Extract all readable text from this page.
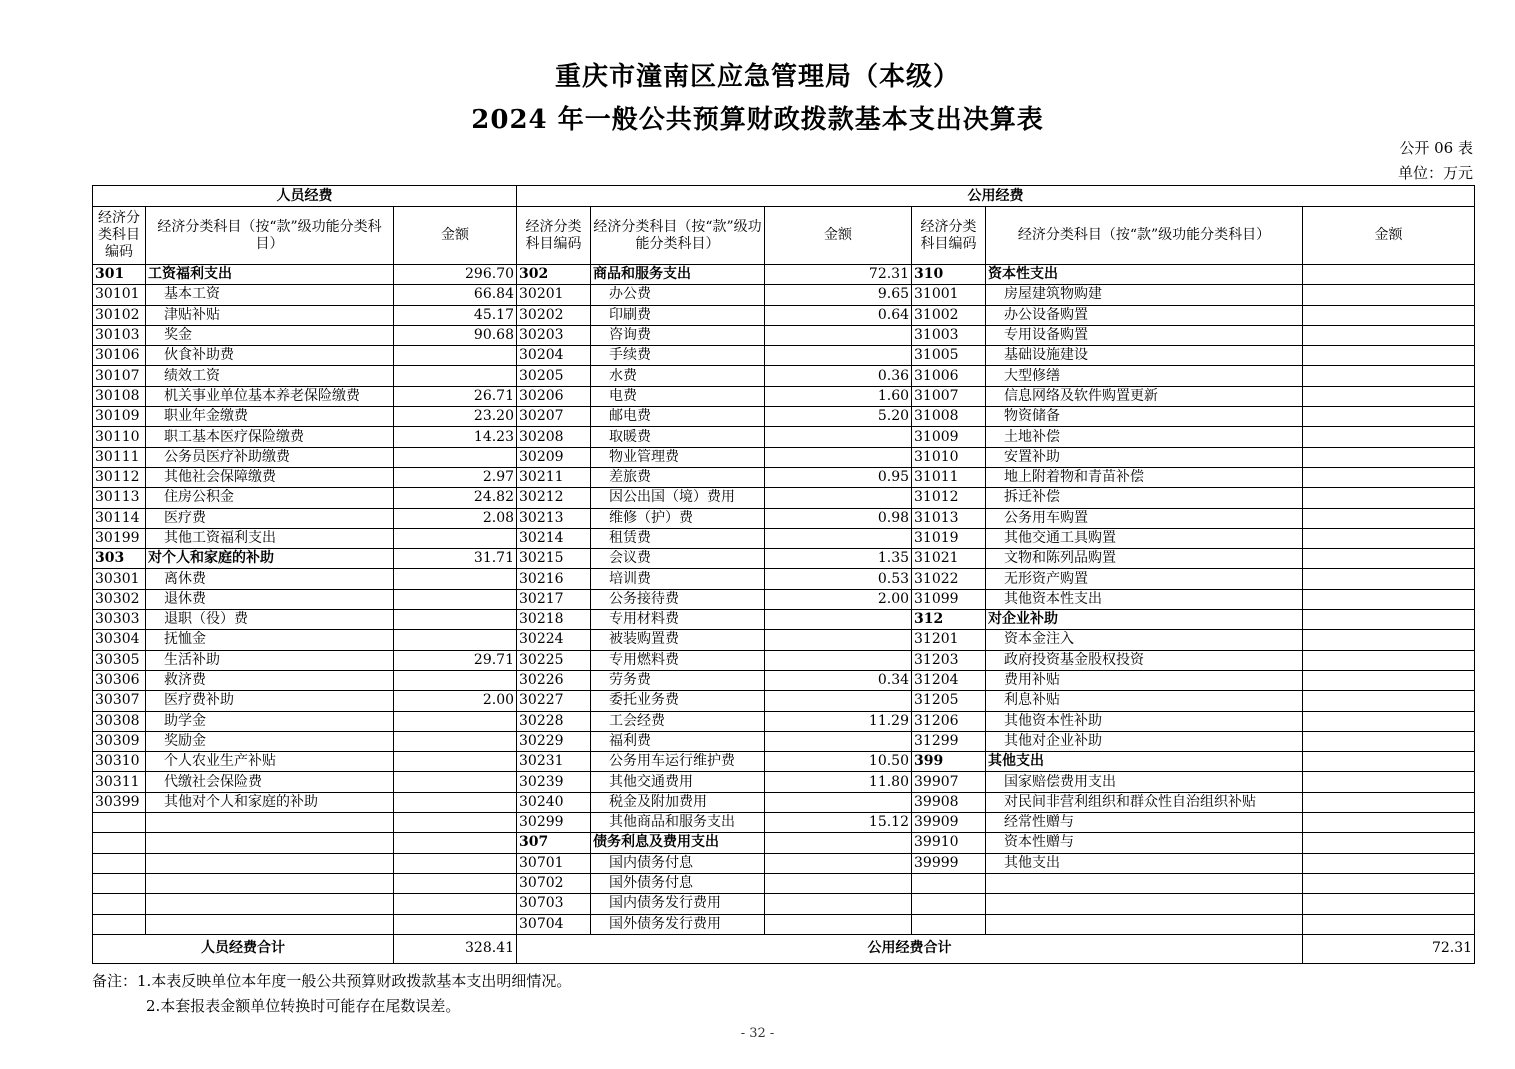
重庆市潼南区应急管理局（本级）
2024 年一般公共预算财政拨款基本支出决算表
公开 06 表
单位：万元
人员经费			公用经费					
经济分类科目编码	经济分类科目（按“款”级功能分类科目）	金额	经济分类科目编码	经济分类科目（按“款”级功能分类科目）	金额	经济分类科目编码	经济分类科目（按“款”级功能分类科目）	金额
301	工资福利支出	296.70	302	商品和服务支出	72.31	310	资本性支出	
30101	基本工资	66.84	30201	办公费	9.65	31001	房屋建筑物购建	
30102	津贴补贴	45.17	30202	印刷费	0.64	31002	办公设备购置	
30103	奖金	90.68	30203	咨询费		31003	专用设备购置	
30106	伙食补助费		30204	手续费		31005	基础设施建设	
30107	绩效工资		30205	水费	0.36	31006	大型修缮	
30108	机关事业单位基本养老保险缴费	26.71	30206	电费	1.60	31007	信息网络及软件购置更新	
30109	职业年金缴费	23.20	30207	邮电费	5.20	31008	物资储备	
30110	职工基本医疗保险缴费	14.23	30208	取暖费		31009	土地补偿	
30111	公务员医疗补助缴费		30209	物业管理费		31010	安置补助	
30112	其他社会保障缴费	2.97	30211	差旅费	0.95	31011	地上附着物和青苗补偿	
30113	住房公积金	24.82	30212	因公出国（境）费用		31012	拆迁补偿	
30114	医疗费	2.08	30213	维修（护）费	0.98	31013	公务用车购置	
30199	其他工资福利支出		30214	租赁费		31019	其他交通工具购置	
303	对个人和家庭的补助	31.71	30215	会议费	1.35	31021	文物和陈列品购置	
30301	离休费		30216	培训费	0.53	31022	无形资产购置	
30302	退休费		30217	公务接待费	2.00	31099	其他资本性支出	
30303	退职（役）费		30218	专用材料费		312	对企业补助	
30304	抚恤金		30224	被装购置费		31201	资本金注入	
30305	生活补助	29.71	30225	专用燃料费		31203	政府投资基金股权投资	
30306	救济费		30226	劳务费	0.34	31204	费用补贴	
30307	医疗费补助	2.00	30227	委托业务费		31205	利息补贴	
30308	助学金		30228	工会经费	11.29	31206	其他资本性补助	
30309	奖励金		30229	福利费		31299	其他对企业补助	
30310	个人农业生产补贴		30231	公务用车运行维护费	10.50	399	其他支出	
30311	代缴社会保险费		30239	其他交通费用	11.80	39907	国家赔偿费用支出	
30399	其他对个人和家庭的补助		30240	税金及附加费用		39908	对民间非营利组织和群众性自治组织补贴	
			30299	其他商品和服务支出	15.12	39909	经常性赠与	
			307	债务利息及费用支出		39910	资本性赠与	
			30701	国内债务付息		39999	其他支出	
			30702	国外债务付息				
			30703	国内债务发行费用				
			30704	国外债务发行费用				
人员经费合计		328.41	公用经费合计					72.31
备注：1.本表反映单位本年度一般公共预算财政拨款基本支出明细情况。
2.本套报表金额单位转换时可能存在尾数误差。
- 32 -
